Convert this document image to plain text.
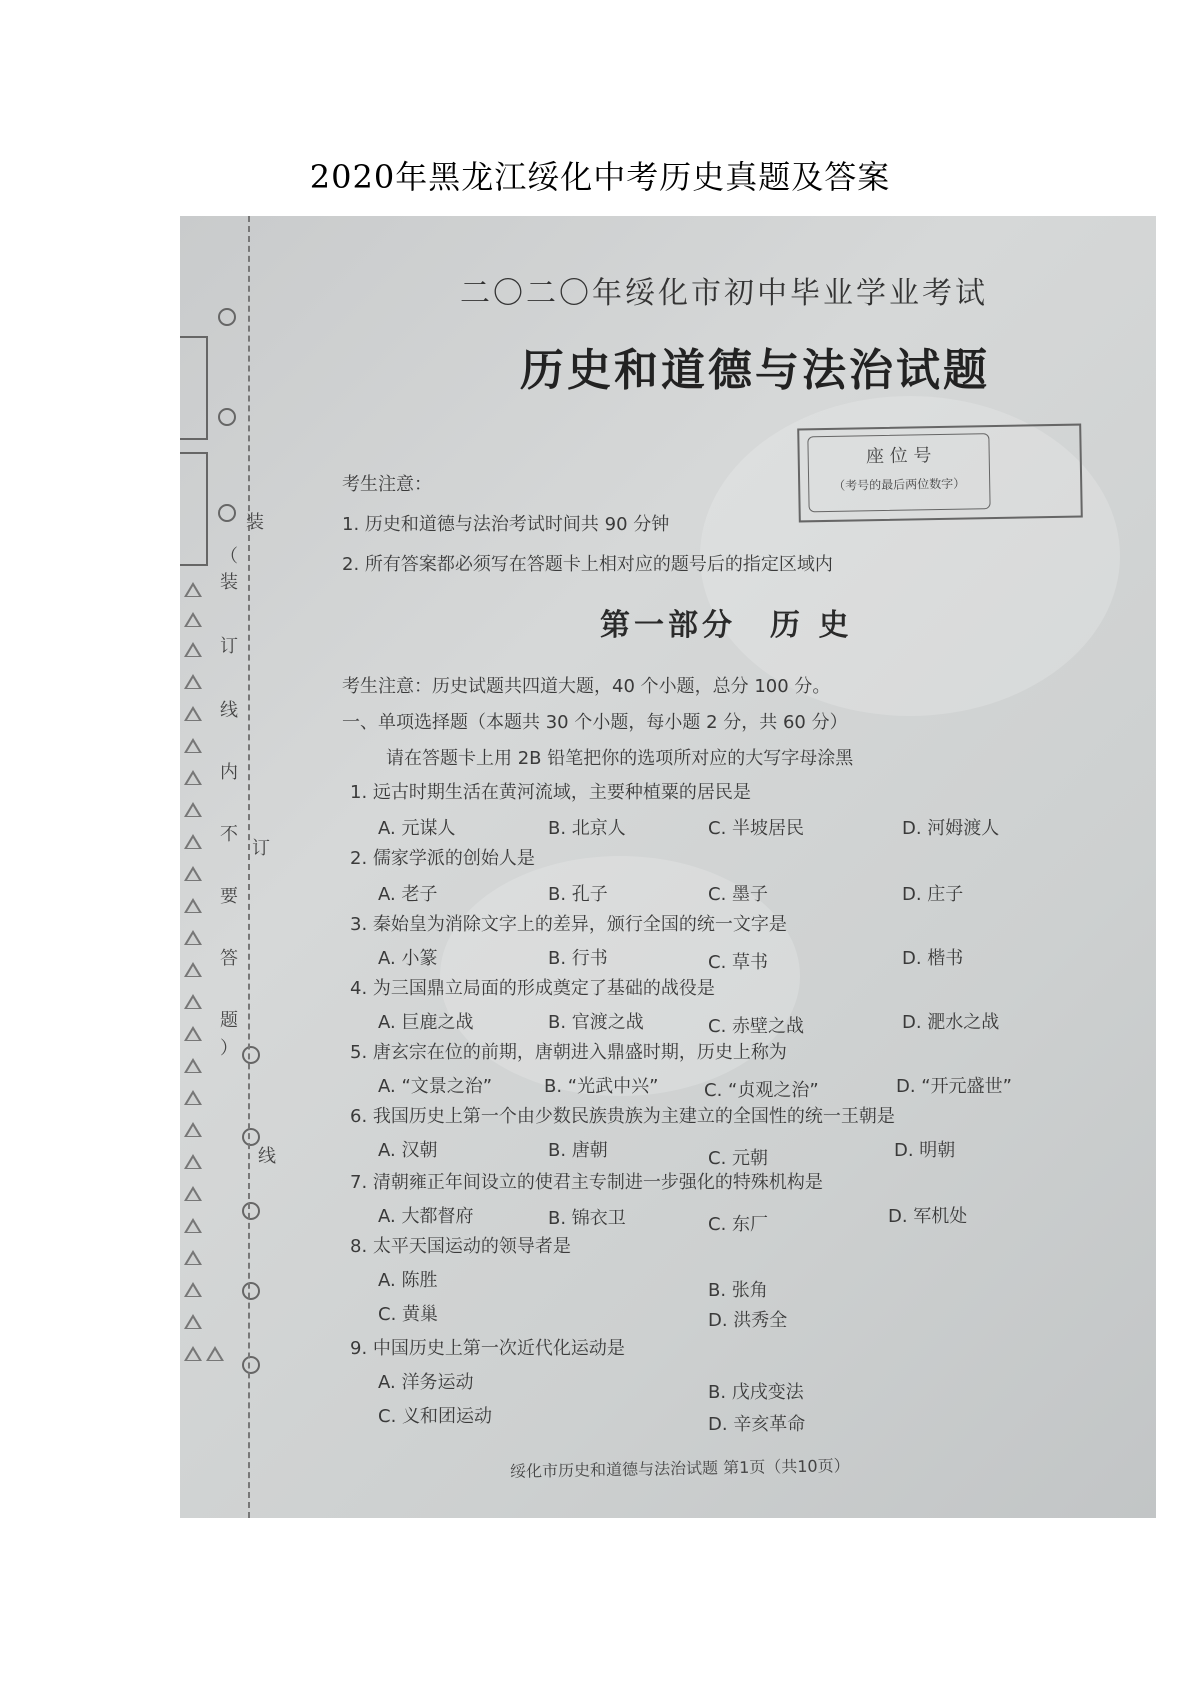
2020年黑龙江绥化中考历史真题及答案
装
（
装
订
线
内
不
订
要
答
题
）
线
二〇二〇年绥化市初中毕业学业考试
历史和道德与法治试题
座 位 号
（考号的最后两位数字）
考生注意：
1. 历史和道德与法治考试时间共 90 分钟
2. 所有答案都必须写在答题卡上相对应的题号后的指定区域内
第一部分　历 史
考生注意：历史试题共四道大题，40 个小题，总分 100 分。
一、单项选择题（本题共 30 个小题，每小题 2 分，共 60 分）
请在答题卡上用 2B 铅笔把你的选项所对应的大写字母涂黑
1. 远古时期生活在黄河流域，主要种植粟的居民是
A. 元谋人	B. 北京人	C. 半坡居民	D. 河姆渡人
2. 儒家学派的创始人是
A. 老子	B. 孔子	C. 墨子	D. 庄子
3. 秦始皇为消除文字上的差异，颁行全国的统一文字是
A. 小篆	B. 行书	C. 草书	D. 楷书
4. 为三国鼎立局面的形成奠定了基础的战役是
A. 巨鹿之战	B. 官渡之战	C. 赤壁之战	D. 淝水之战
5. 唐玄宗在位的前期，唐朝进入鼎盛时期，历史上称为
A. “文景之治”	B. “光武中兴”	C. “贞观之治”	D. “开元盛世”
6. 我国历史上第一个由少数民族贵族为主建立的全国性的统一王朝是
A. 汉朝	B. 唐朝	C. 元朝	D. 明朝
7. 清朝雍正年间设立的使君主专制进一步强化的特殊机构是
A. 大都督府	B. 锦衣卫	C. 东厂	D. 军机处
8. 太平天国运动的领导者是
A. 陈胜	B. 张角
C. 黄巢	D. 洪秀全
9. 中国历史上第一次近代化运动是
A. 洋务运动	B. 戊戌变法
C. 义和团运动	D. 辛亥革命
绥化市历史和道德与法治试题 第1页（共10页）
